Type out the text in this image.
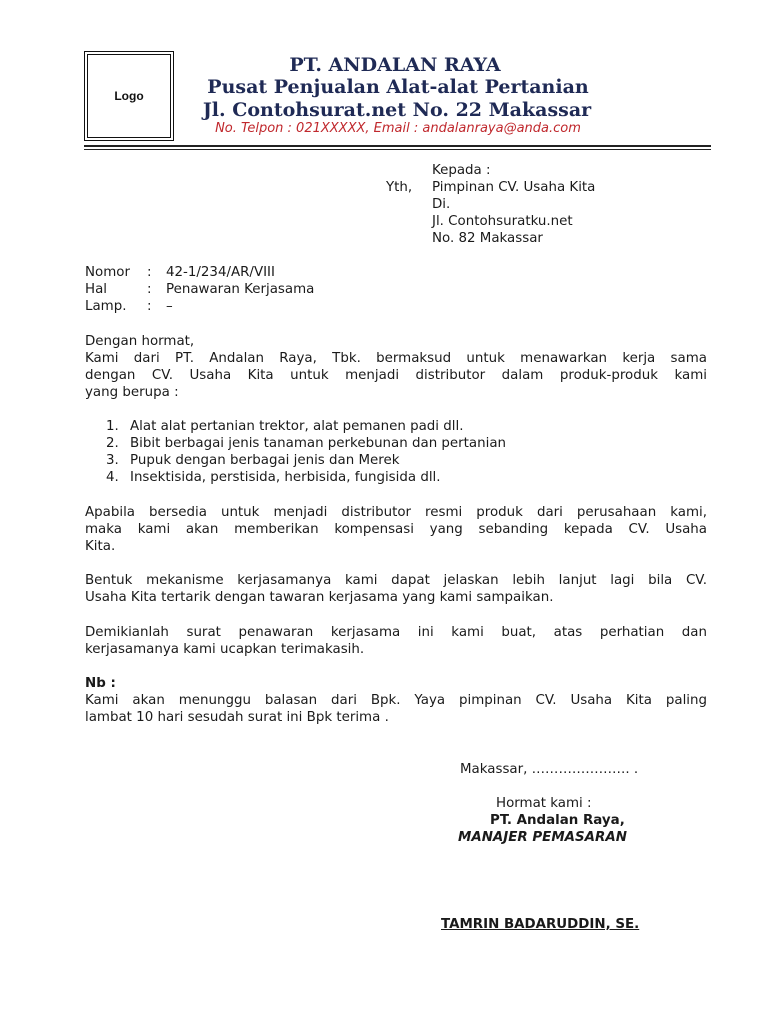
Logo
PT. ANDALAN RAYA
Pusat Penjualan Alat-alat Pertanian
Jl. Contohsurat.net No. 22 Makassar
No. Telpon : 021XXXXX, Email : andalanraya@anda.com
Kepada :
Yth, Pimpinan CV. Usaha Kita
Di.
Jl. Contohsuratku.net
No. 82 Makassar
Nomor : 42-1/234/AR/VIII
Hal	: Penawaran Kerjasama
Lamp. : –
Dengan hormat,
Kami dari PT. Andalan Raya, Tbk. bermaksud untuk menawarkan kerja sama
dengan CV. Usaha Kita untuk menjadi distributor dalam produk-produk kami
yang berupa :
1. Alat alat pertanian trektor, alat pemanen padi dll.
2. Bibit berbagai jenis tanaman perkebunan dan pertanian
3. Pupuk dengan berbagai jenis dan Merek
4. Insektisida, perstisida, herbisida, fungisida dll.
Apabila bersedia untuk menjadi distributor resmi produk dari perusahaan kami,
maka kami akan memberikan kompensasi yang sebanding kepada CV. Usaha
Kita.
Bentuk mekanisme kerjasamanya kami dapat jelaskan lebih lanjut lagi bila CV.
Usaha Kita tertarik dengan tawaran kerjasama yang kami sampaikan.
Demikianlah surat penawaran kerjasama ini kami buat, atas perhatian dan
kerjasamanya kami ucapkan terimakasih.
Nb :
Kami akan menunggu balasan dari Bpk. Yaya pimpinan CV. Usaha Kita paling
lambat 10 hari sesudah surat ini Bpk terima .
Makassar, …………………. .
Hormat kami :
PT. Andalan Raya,
MANAJER PEMASARAN
TAMRIN BADARUDDIN, SE.
